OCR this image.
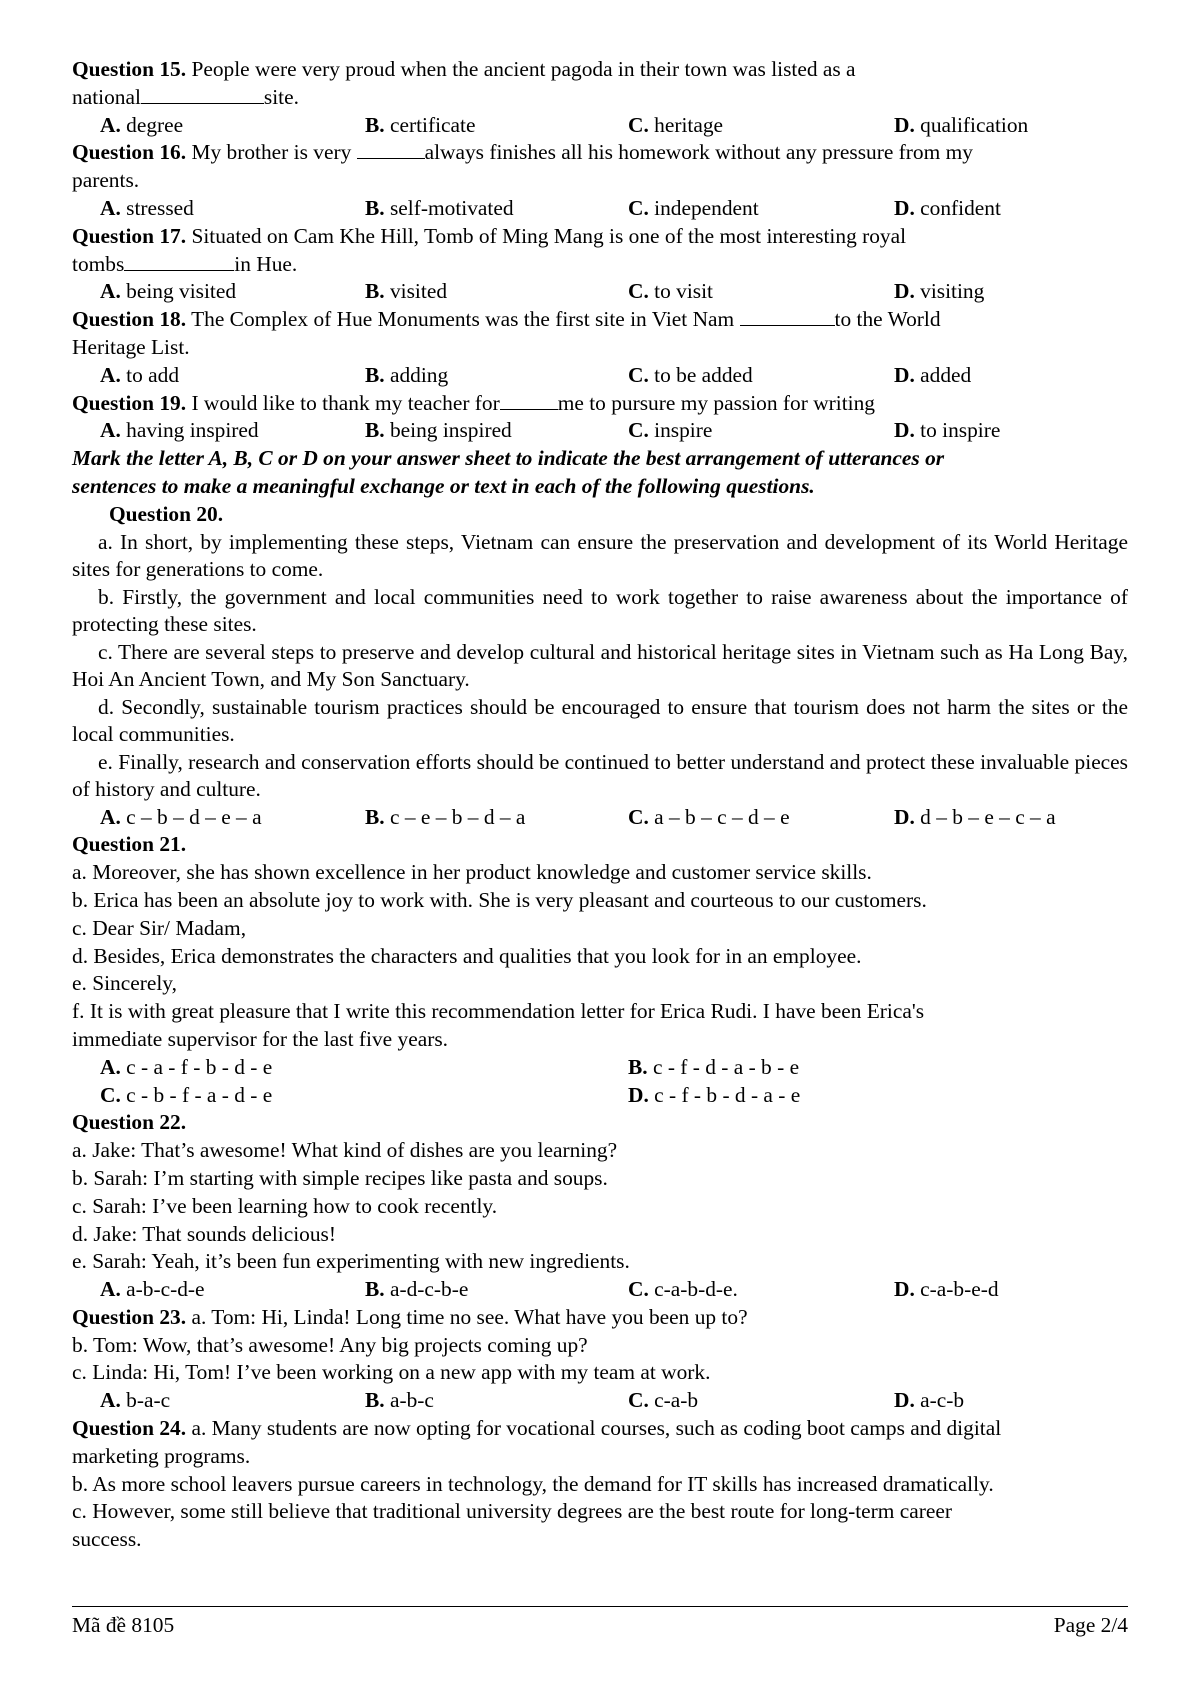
Question 15. People were very proud when the ancient pagoda in their town was listed as a
national	site.
A. degree	B. certificate	C. heritage	D. qualification
Question 16. My brother is very	always finishes all his homework without any pressure from my
parents.
A. stressed	B. self-motivated	C. independent	D. confident
Question 17. Situated on Cam Khe Hill, Tomb of Ming Mang is one of the most interesting royal
tombs	in Hue.
A. being visited	B. visited	C. to visit	D. visiting
Question 18. The Complex of Hue Monuments was the first site in Viet Nam	to the World
Heritage List.
A. to add	B. adding	C. to be added	D. added
Question 19. I would like to thank my teacher for	me to pursure my passion for writing
A. having inspired	B. being inspired	C. inspire	D. to inspire
Mark the letter A, B, C or D on your answer sheet to indicate the best arrangement of utterances or
sentences to make a meaningful exchange or text in each of the following questions.
Question 20.
a. In short, by implementing these steps, Vietnam can ensure the preservation and development of its World Heritage sites for generations to come.
b. Firstly, the government and local communities need to work together to raise awareness about the importance of protecting these sites.
c. There are several steps to preserve and develop cultural and historical heritage sites in Vietnam such as Ha Long Bay, Hoi An Ancient Town, and My Son Sanctuary.
d. Secondly, sustainable tourism practices should be encouraged to ensure that tourism does not harm the sites or the local communities.
e. Finally, research and conservation efforts should be continued to better understand and protect these invaluable pieces of history and culture.
A. c – b – d – e – a	B. c – e – b – d – a	C. a – b – c – d – e	D. d – b – e – c – a
Question 21.
a. Moreover, she has shown excellence in her product knowledge and customer service skills.
b. Erica has been an absolute joy to work with. She is very pleasant and courteous to our customers.
c. Dear Sir/ Madam,
d. Besides, Erica demonstrates the characters and qualities that you look for in an employee.
e. Sincerely,
f. It is with great pleasure that I write this recommendation letter for Erica Rudi. I have been Erica's
immediate supervisor for the last five years.
A. c - a - f - b - d - e	B. c - f - d - a - b - e
C. c - b - f - a - d - e	D. c - f - b - d - a - e
Question 22.
a. Jake: That’s awesome! What kind of dishes are you learning?
b. Sarah: I’m starting with simple recipes like pasta and soups.
c. Sarah: I’ve been learning how to cook recently.
d. Jake: That sounds delicious!
e. Sarah: Yeah, it’s been fun experimenting with new ingredients.
A. a-b-c-d-e	B. a-d-c-b-e	C. c-a-b-d-e.	D. c-a-b-e-d
Question 23. a. Tom: Hi, Linda! Long time no see. What have you been up to?
b. Tom: Wow, that’s awesome! Any big projects coming up?
c. Linda: Hi, Tom! I’ve been working on a new app with my team at work.
A. b-a-c	B. a-b-c	C. c-a-b	D. a-c-b
Question 24. a. Many students are now opting for vocational courses, such as coding boot camps and digital
marketing programs.
b. As more school leavers pursue careers in technology, the demand for IT skills has increased dramatically.
c. However, some still believe that traditional university degrees are the best route for long-term career
success.
Mã đề 8105	Page 2/4
